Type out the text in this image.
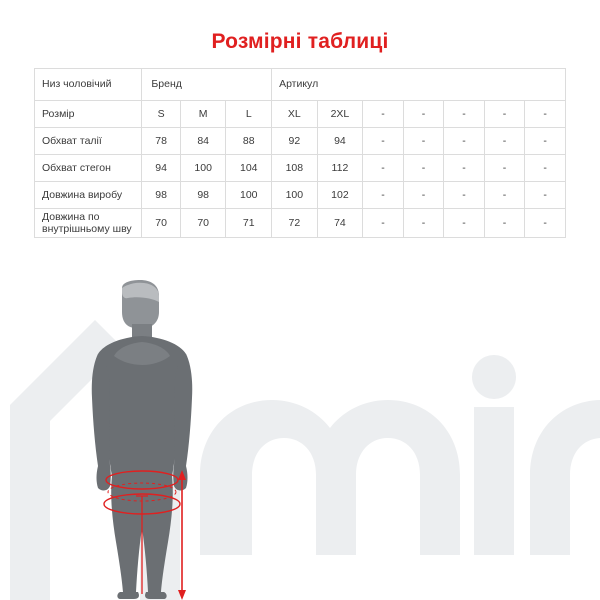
Розмірні таблиці
Низ чоловічий	Бренд			Артикул						
Розмір	S	M	L	XL	2XL	-	-	-	-	-
Обхват талії	78	84	88	92	94	-	-	-	-	-
Обхват стегон	94	100	104	108	112	-	-	-	-	-
Довжина виробу	98	98	100	100	102	-	-	-	-	-
Довжина по внутрішньому шву	70	70	71	72	74	-	-	-	-	-
